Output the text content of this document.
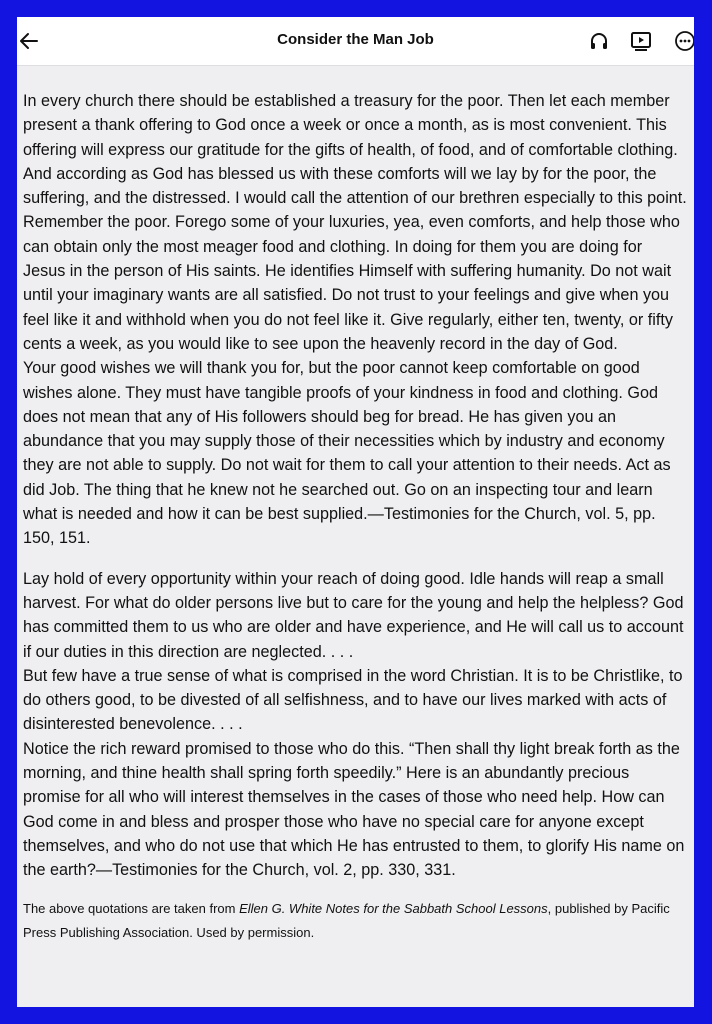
Consider the Man Job

In every church there should be established a treasury for the poor. Then let each member present a thank offering to God once a week or once a month, as is most convenient. This offering will express our gratitude for the gifts of health, of food, and of comfortable clothing. And according as God has blessed us with these comforts will we lay by for the poor, the suffering, and the distressed. I would call the attention of our brethren especially to this point. Remember the poor. Forego some of your luxuries, yea, even comforts, and help those who can obtain only the most meager food and clothing. In doing for them you are doing for Jesus in the person of His saints. He identifies Himself with suffering humanity. Do not wait until your imaginary wants are all satisfied. Do not trust to your feelings and give when you feel like it and withhold when you do not feel like it. Give regularly, either ten, twenty, or fifty cents a week, as you would like to see upon the heavenly record in the day of God.

Your good wishes we will thank you for, but the poor cannot keep comfortable on good wishes alone. They must have tangible proofs of your kindness in food and clothing. God does not mean that any of His followers should beg for bread. He has given you an abundance that you may supply those of their necessities which by industry and economy they are not able to supply. Do not wait for them to call your attention to their needs. Act as did Job. The thing that he knew not he searched out. Go on an inspecting tour and learn what is needed and how it can be best supplied.—Testimonies for the Church, vol. 5, pp. 150, 151.

Lay hold of every opportunity within your reach of doing good. Idle hands will reap a small harvest. For what do older persons live but to care for the young and help the helpless? God has committed them to us who are older and have experience, and He will call us to account if our duties in this direction are neglected. . . .

But few have a true sense of what is comprised in the word Christian. It is to be Christlike, to do others good, to be divested of all selfishness, and to have our lives marked with acts of disinterested benevolence. . . .

Notice the rich reward promised to those who do this. “Then shall thy light break forth as the morning, and thine health shall spring forth speedily.” Here is an abundantly precious promise for all who will interest themselves in the cases of those who need help. How can God come in and bless and prosper those who have no special care for anyone except themselves, and who do not use that which He has entrusted to them, to glorify His name on the earth?—Testimonies for the Church, vol. 2, pp. 330, 331.

The above quotations are taken from Ellen G. White Notes for the Sabbath School Lessons, published by Pacific Press Publishing Association. Used by permission.
